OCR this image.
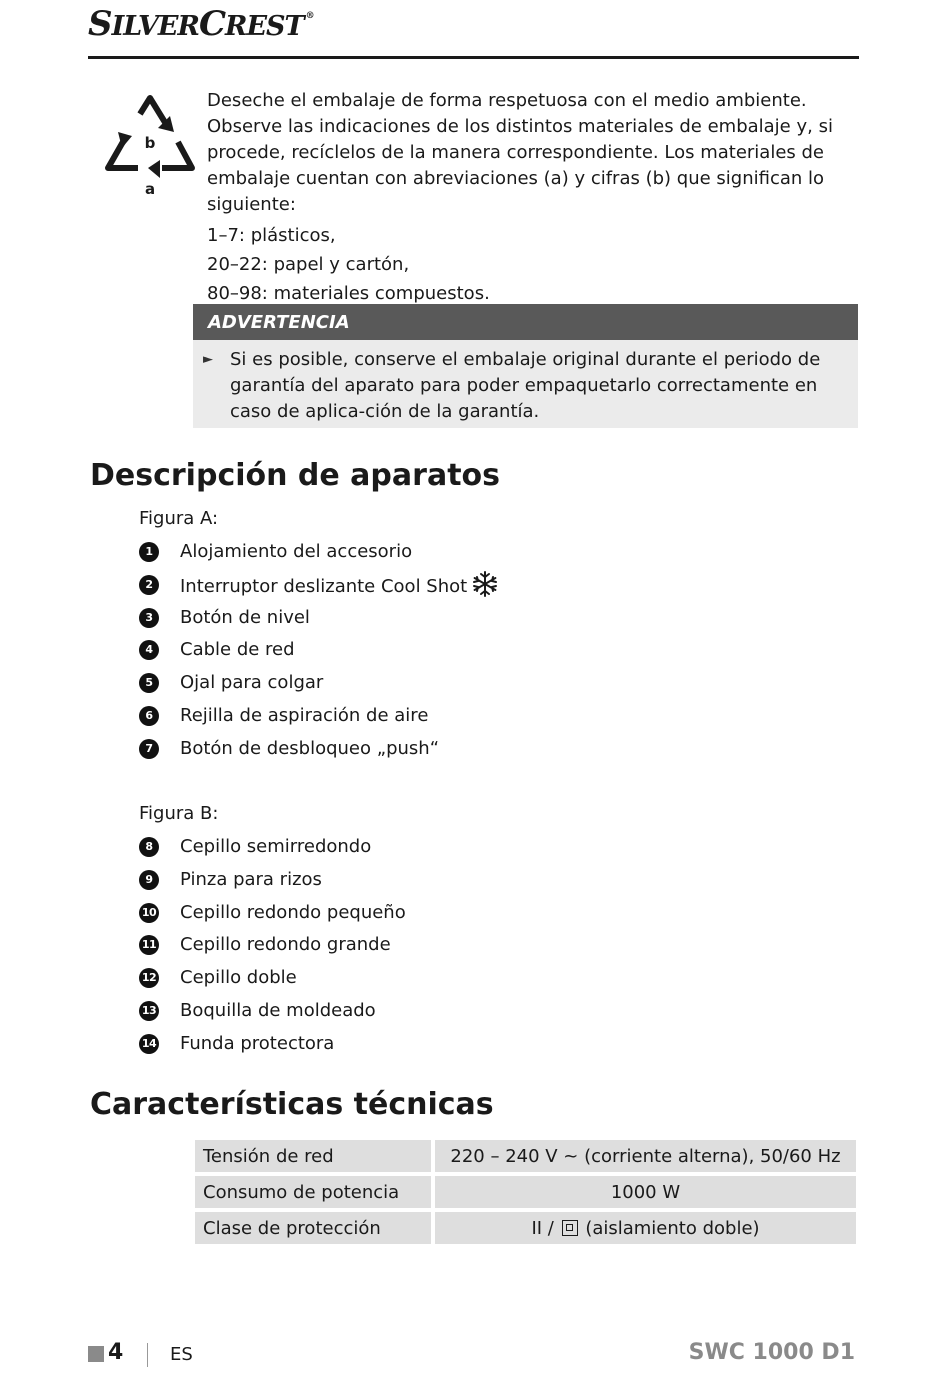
SILVERCREST ®
b
a

Deseche el embalaje de forma respetuosa con el medio ambiente.

Observe las indicaciones de los distintos materiales de embalaje y, si procede, recíclelos de la manera correspondiente. Los materiales de embalaje cuentan con abreviaciones (a) y cifras (b) que significan lo siguiente:

1–7: plásticos,

20–22: papel y cartón,

80–98: materiales compuestos.

ADVERTENCIA
► Si es posible, conserve el embalaje original durante el periodo de garantía del aparato para poder empaquetarlo correctamente en caso de aplica-ción de la garantía.
Descripción de aparatos
Figura A:
1	Alojamiento del accesorio
2	Interruptor deslizante Cool Shot
3	Botón de nivel
4	Cable de red
5	Ojal para colgar
6	Rejilla de aspiración de aire
7	Botón de desbloqueo „push“
Figura B:
8	Cepillo semirredondo
9	Pinza para rizos
10 Cepillo redondo pequeño
11 Cepillo redondo grande
12 Cepillo doble
13 Boquilla de moldeado
14 Funda protectora
Características técnicas
Tensión de red	220 – 240 V ~ (corriente alterna), 50/60 Hz
Consumo de potencia	1000 W
Clase de protección	II / (aislamiento doble)
4	ES	SWC 1000 D1
